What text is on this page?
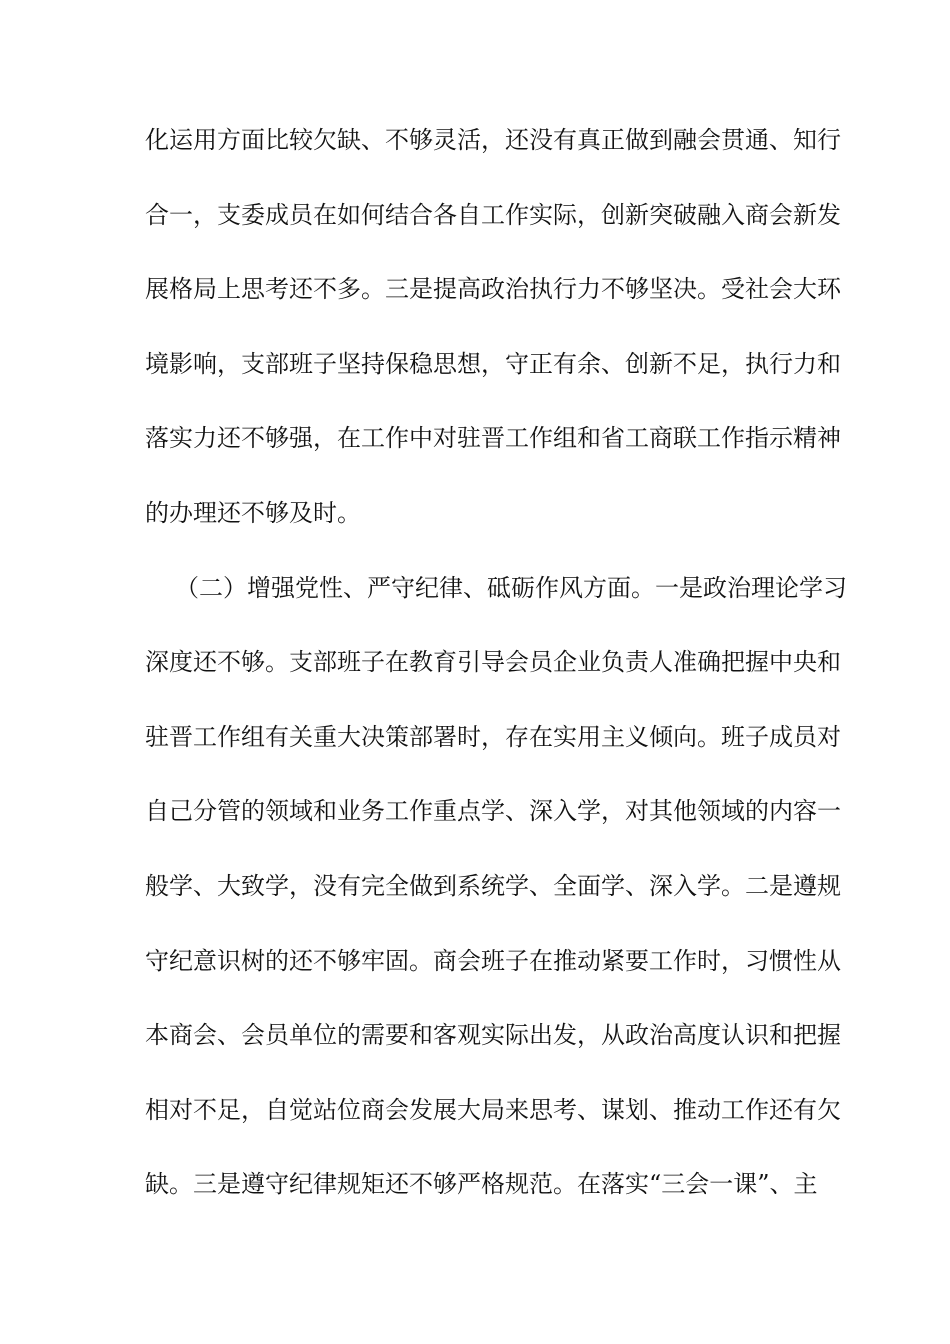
化运用方面比较欠缺、不够灵活，还没有真正做到融会贯通、知行
合一，支委成员在如何结合各自工作实际，创新突破融入商会新发
展格局上思考还不多。三是提高政治执行力不够坚决。受社会大环
境影响，支部班子坚持保稳思想，守正有余、创新不足，执行力和
落实力还不够强，在工作中对驻晋工作组和省工商联工作指示精神
的办理还不够及时。
（二）增强党性、严守纪律、砥砺作风方面。一是政治理论学习
深度还不够。支部班子在教育引导会员企业负责人准确把握中央和
驻晋工作组有关重大决策部署时，存在实用主义倾向。班子成员对
自己分管的领域和业务工作重点学、深入学，对其他领域的内容一
般学、大致学，没有完全做到系统学、全面学、深入学。二是遵规
守纪意识树的还不够牢固。商会班子在推动紧要工作时，习惯性从
本商会、会员单位的需要和客观实际出发，从政治高度认识和把握
相对不足，自觉站位商会发展大局来思考、谋划、推动工作还有欠
缺。三是遵守纪律规矩还不够严格规范。在落实“三会一课”、主
